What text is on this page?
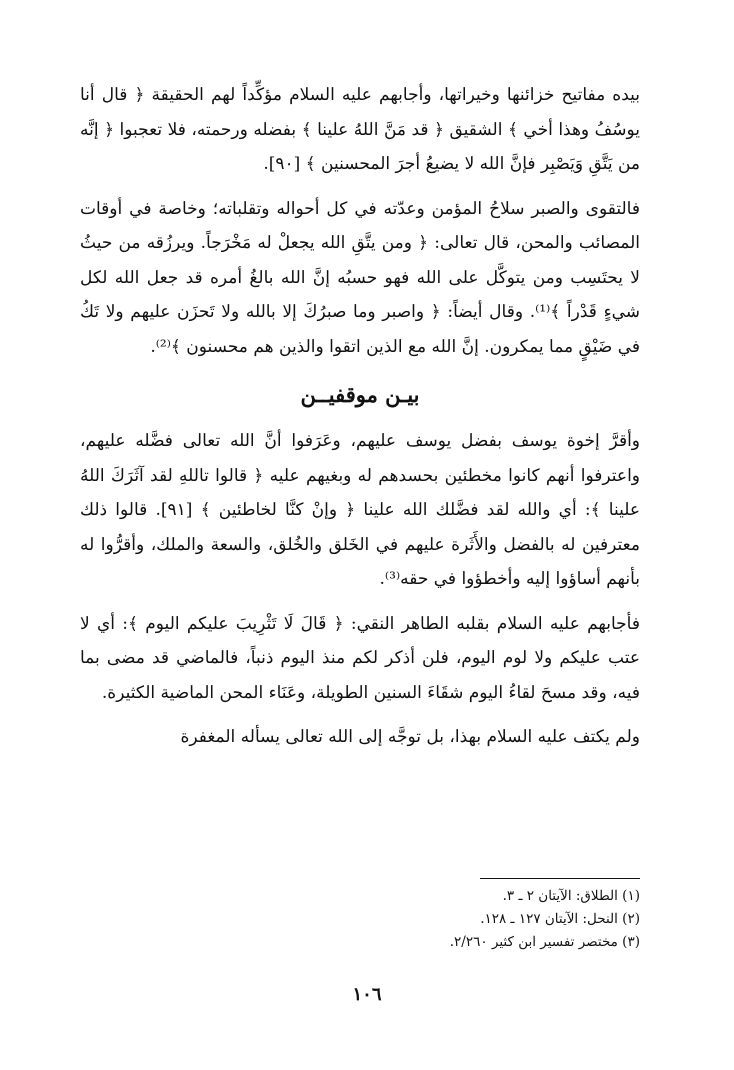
بيده مفاتيح خزائنها وخيراتها، وأجابهم عليه السلام مؤكِّداً لهم الحقيقة ﴿ قال أنا يوسُفُ وهذا أخي ﴾ الشقيق ﴿ قد مَنَّ اللهُ علينا ﴾ بفضله ورحمته، فلا تعجبوا ﴿ إنَّه من يَتَّقِ وَيَصْبِر فإنَّ الله لا يضيعُ أجرَ المحسنين ﴾ [٩٠].

فالتقوى والصبر سلاحُ المؤمن وعدّته في كل أحواله وتقلباته؛ وخاصة في أوقات المصائب والمحن، قال تعالى: ﴿ ومن يتَّقِ الله يجعلْ له مَخْرَجاً. ويرزُقه من حيثُ لا يحتَسِب ومن يتوكَّل على الله فهو حسبُه إنَّ الله بالغُ أمره قد جعل الله لكل شيءٍ قَدْراً ﴾⁽¹⁾. وقال أيضاً: ﴿ واصبر وما صبرُكَ إلا بالله ولا تَحزَن عليهم ولا تَكُ في ضَيْقٍ مما يمكرون. إنَّ الله مع الذين اتقوا والذين هم محسنون ﴾⁽²⁾.

بيـن موقفيــن

وأقرَّ إخوة يوسف بفضل يوسف عليهم، وعَرَفوا أنَّ الله تعالى فضَّله عليهم، واعترفوا أنهم كانوا مخطئين بحسدهم له وبغيهم عليه ﴿ قالوا تاللهِ لقد آثَرَكَ اللهُ علينا ﴾: أي والله لقد فضَّلك الله علينا ﴿ وإنْ كنَّا لخاطئين ﴾ [٩١]. قالوا ذلك معترفين له بالفضل والأَثَرة عليهم في الخَلق والخُلق، والسعة والملك، وأقرُّوا له بأنهم أساؤوا إليه وأخطؤوا في حقه⁽³⁾.

فأجابهم عليه السلام بقلبه الطاهر النقي: ﴿ قَالَ لَا تَثْرِيبَ عليكم اليوم ﴾: أي لا عتب عليكم ولا لوم اليوم، فلن أذكر لكم منذ اليوم ذنباً، فالماضي قد مضى بما فيه، وقد مسحَ لقاءُ اليوم شقَاءَ السنين الطويلة، وعَنَاء المحن الماضية الكثيرة.

ولم يكتف عليه السلام بهذا، بل توجَّه إلى الله تعالى يسأله المغفرة

(١) الطلاق: الآيتان ٢ ـ ٣.

(٢) النحل: الآيتان ١٢٧ ـ ١٢٨.

(٣) مختصر تفسير ابن كثير ٢/٢٦٠.

١٠٦
